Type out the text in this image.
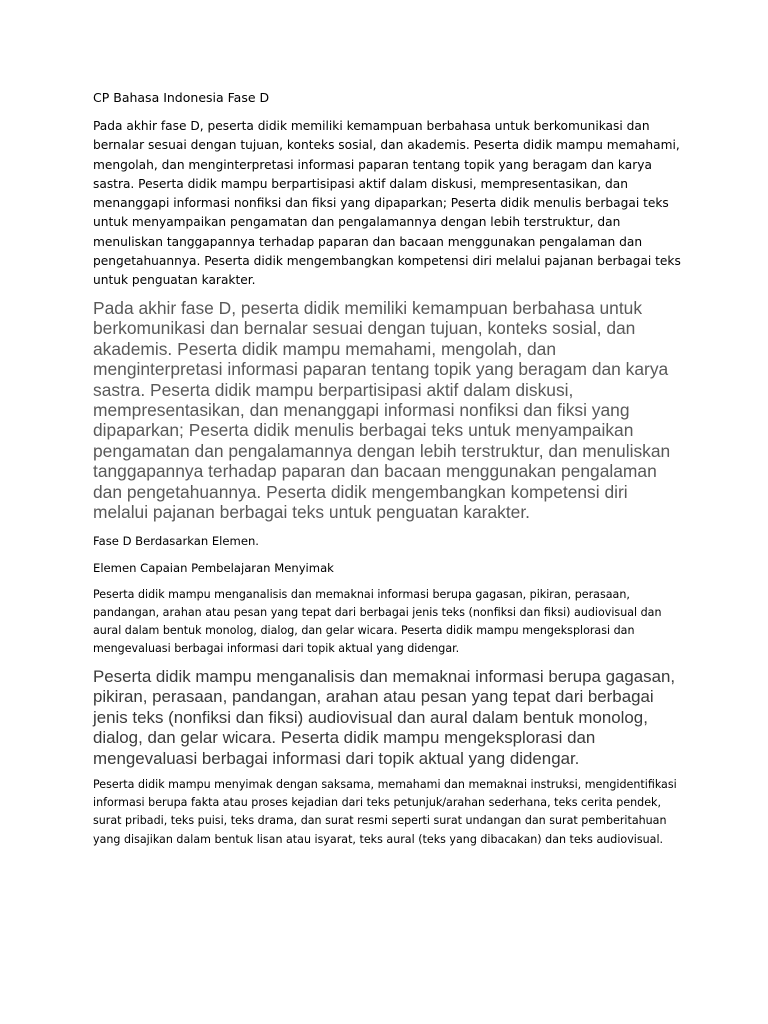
CP Bahasa Indonesia Fase D

Pada akhir fase D, peserta didik memiliki kemampuan berbahasa untuk berkomunikasi dan bernalar sesuai dengan tujuan, konteks sosial, dan akademis. Peserta didik mampu memahami, mengolah, dan menginterpretasi informasi paparan tentang topik yang beragam dan karya sastra. Peserta didik mampu berpartisipasi aktif dalam diskusi, mempresentasikan, dan menanggapi informasi nonfiksi dan fiksi yang dipaparkan; Peserta didik menulis berbagai teks untuk menyampaikan pengamatan dan pengalamannya dengan lebih terstruktur, dan menuliskan tanggapannya terhadap paparan dan bacaan menggunakan pengalaman dan pengetahuannya. Peserta didik mengembangkan kompetensi diri melalui pajanan berbagai teks untuk penguatan karakter.

Pada akhir fase D, peserta didik memiliki kemampuan berbahasa untuk berkomunikasi dan bernalar sesuai dengan tujuan, konteks sosial, dan akademis. Peserta didik mampu memahami, mengolah, dan menginterpretasi informasi paparan tentang topik yang beragam dan karya sastra. Peserta didik mampu berpartisipasi aktif dalam diskusi, mempresentasikan, dan menanggapi informasi nonfiksi dan fiksi yang dipaparkan; Peserta didik menulis berbagai teks untuk menyampaikan pengamatan dan pengalamannya dengan lebih terstruktur, dan menuliskan tanggapannya terhadap paparan dan bacaan menggunakan pengalaman dan pengetahuannya. Peserta didik mengembangkan kompetensi diri melalui pajanan berbagai teks untuk penguatan karakter.

Fase D Berdasarkan Elemen.

Elemen Capaian Pembelajaran Menyimak

Peserta didik mampu menganalisis dan memaknai informasi berupa gagasan, pikiran, perasaan, pandangan, arahan atau pesan yang tepat dari berbagai jenis teks (nonfiksi dan fiksi) audiovisual dan aural dalam bentuk monolog, dialog, dan gelar wicara. Peserta didik mampu mengeksplorasi dan mengevaluasi berbagai informasi dari topik aktual yang didengar.

Peserta didik mampu menganalisis dan memaknai informasi berupa gagasan, pikiran, perasaan, pandangan, arahan atau pesan yang tepat dari berbagai jenis teks (nonfiksi dan fiksi) audiovisual dan aural dalam bentuk monolog, dialog, dan gelar wicara. Peserta didik mampu mengeksplorasi dan mengevaluasi berbagai informasi dari topik aktual yang didengar.

Peserta didik mampu menyimak dengan saksama, memahami dan memaknai instruksi, mengidentifikasi informasi berupa fakta atau proses kejadian dari teks petunjuk/arahan sederhana, teks cerita pendek, surat pribadi, teks puisi, teks drama, dan surat resmi seperti surat undangan dan surat pemberitahuan yang disajikan dalam bentuk lisan atau isyarat, teks aural (teks yang dibacakan) dan teks audiovisual.
